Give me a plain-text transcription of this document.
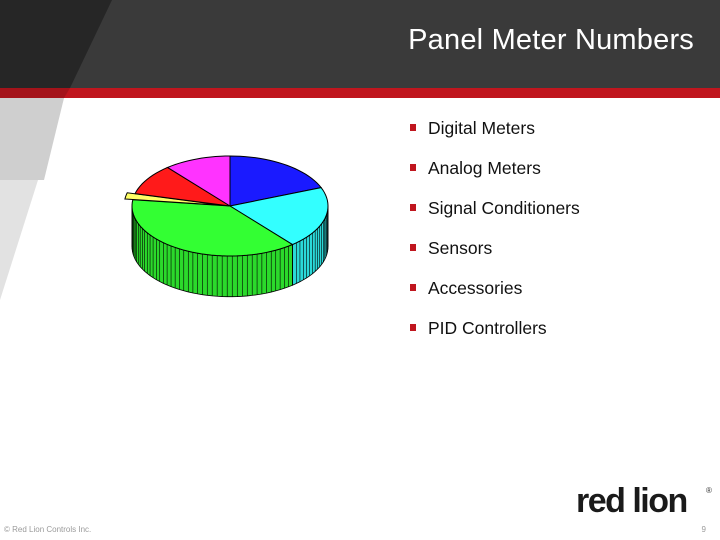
Panel Meter Numbers
Digital Meters
Analog Meters
Signal Conditioners
Sensors
Accessories
PID Controllers
red lion ®
© Red Lion Controls Inc.	9
